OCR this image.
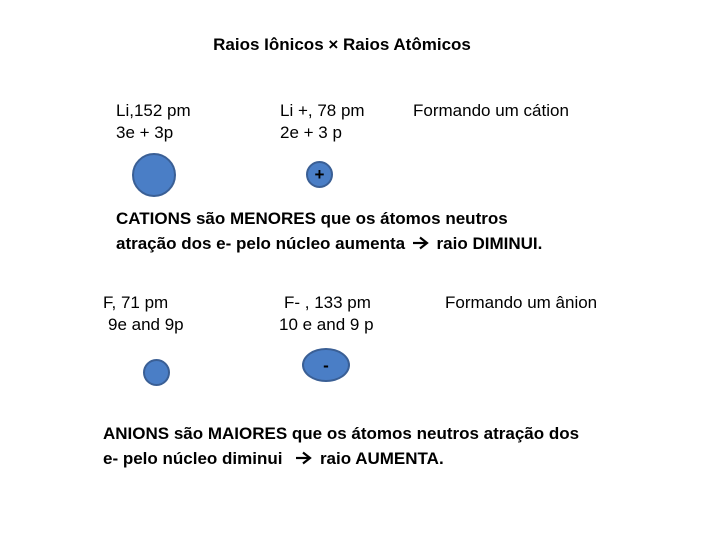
Raios Iônicos × Raios Atômicos
Li,152 pm
3e + 3p
Li +, 78 pm
2e + 3 p
Formando um cátion
+
CATIONS são MENORES que os átomos neutros
atração dos e- pelo núcleo aumenta raio DIMINUI.
F, 71 pm
9e and 9p
F- , 133 pm
10 e and 9 p
Formando um ânion
-
ANIONS são MAIORES que os átomos neutros atração dos
e- pelo núcleo diminui raio AUMENTA.
